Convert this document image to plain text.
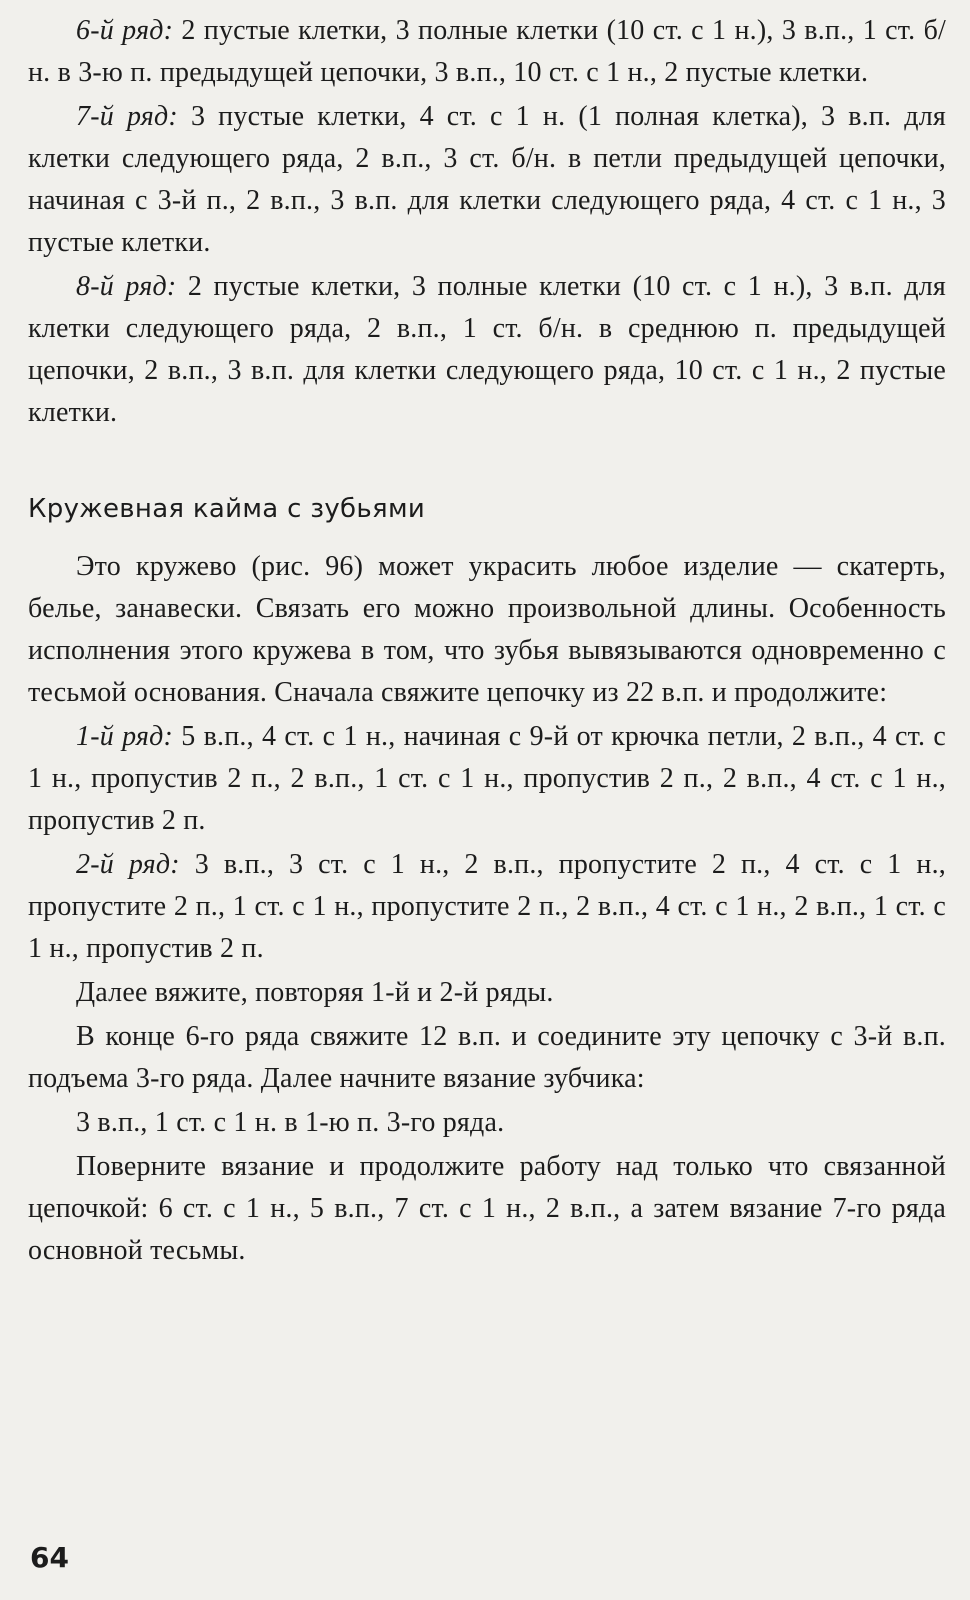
6-й ряд: 2 пустые клетки, 3 полные клетки (10 ст. с 1 н.), 3 в.п., 1 ст. б/н. в 3-ю п. предыдущей цепочки, 3 в.п., 10 ст. с 1 н., 2 пустые клетки.

7-й ряд: 3 пустые клетки, 4 ст. с 1 н. (1 полная клетка), 3 в.п. для клетки следующего ряда, 2 в.п., 3 ст. б/н. в петли предыдущей цепочки, начиная с 3-й п., 2 в.п., 3 в.п. для клетки следующего ряда, 4 ст. с 1 н., 3 пустые клетки.

8-й ряд: 2 пустые клетки, 3 полные клетки (10 ст. с 1 н.), 3 в.п. для клетки следующего ряда, 2 в.п., 1 ст. б/н. в среднюю п. предыдущей цепочки, 2 в.п., 3 в.п. для клетки следующего ряда, 10 ст. с 1 н., 2 пустые клетки.

Кружевная кайма с зубьями

Это кружево (рис. 96) может украсить любое изделие — скатерть, белье, занавески. Связать его можно произвольной длины. Особенность исполнения этого кружева в том, что зубья вывязываются одновременно с тесьмой основания. Сначала свяжите цепочку из 22 в.п. и продолжите:

1-й ряд: 5 в.п., 4 ст. с 1 н., начиная с 9-й от крючка петли, 2 в.п., 4 ст. с 1 н., пропустив 2 п., 2 в.п., 1 ст. с 1 н., пропустив 2 п., 2 в.п., 4 ст. с 1 н., пропустив 2 п.

2-й ряд: 3 в.п., 3 ст. с 1 н., 2 в.п., пропустите 2 п., 4 ст. с 1 н., пропустите 2 п., 1 ст. с 1 н., пропустите 2 п., 2 в.п., 4 ст. с 1 н., 2 в.п., 1 ст. с 1 н., пропустив 2 п.

Далее вяжите, повторяя 1-й и 2-й ряды.

В конце 6-го ряда свяжите 12 в.п. и соедините эту цепочку с 3-й в.п. подъема 3-го ряда. Далее начните вязание зубчика:

3 в.п., 1 ст. с 1 н. в 1-ю п. 3-го ряда.

Поверните вязание и продолжите работу над только что связанной цепочкой: 6 ст. с 1 н., 5 в.п., 7 ст. с 1 н., 2 в.п., а затем вязание 7-го ряда основной тесьмы.

64
